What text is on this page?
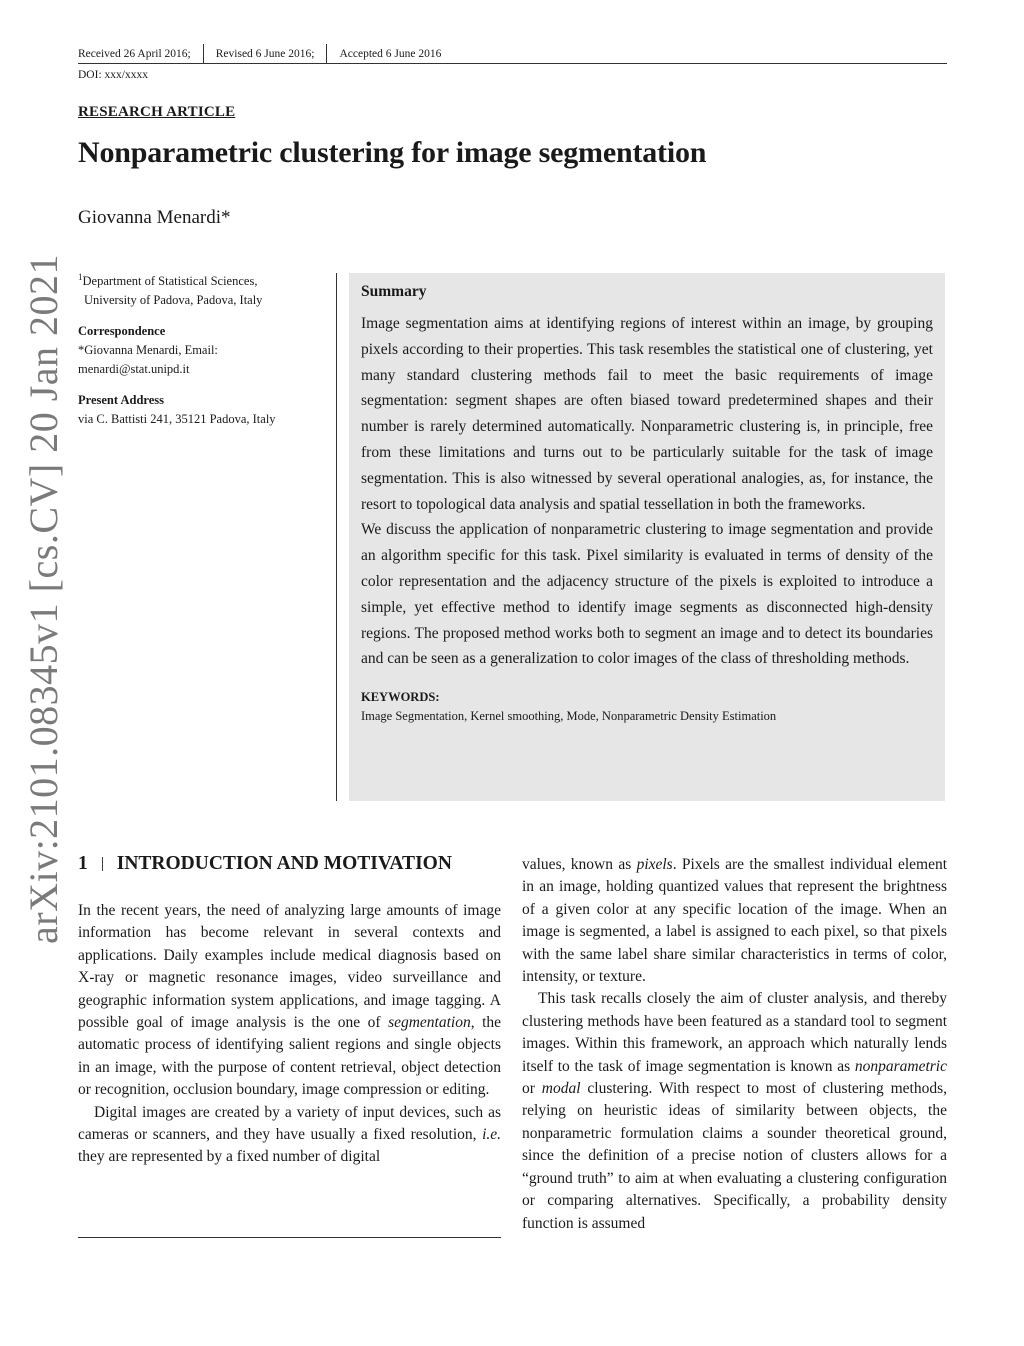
Received 26 April 2016; Revised 6 June 2016; Accepted 6 June 2016
DOI: xxx/xxxx
RESEARCH ARTICLE
Nonparametric clustering for image segmentation
Giovanna Menardi*
$^1$Department of Statistical Sciences,
University of Padova, Padova, Italy
Correspondence
*Giovanna Menardi, Email:
menardi@stat.unipd.it
Present Address
via C. Battisti 241, 35121 Padova, Italy
Summary

Image segmentation aims at identifying regions of interest within an image, by grouping pixels according to their properties. This task resembles the statistical one of clustering, yet many standard clustering methods fail to meet the basic requirements of image segmentation: segment shapes are often biased toward predetermined shapes and their number is rarely determined automatically. Nonparametric clustering is, in principle, free from these limitations and turns out to be particularly suitable for the task of image segmentation. This is also witnessed by several operational analogies, as, for instance, the resort to topological data analysis and spatial tessellation in both the frameworks.

We discuss the application of nonparametric clustering to image segmentation and provide an algorithm specific for this task. Pixel similarity is evaluated in terms of density of the color representation and the adjacency structure of the pixels is exploited to introduce a simple, yet effective method to identify image segments as disconnected high-density regions. The proposed method works both to segment an image and to detect its boundaries and can be seen as a generalization to color images of the class of thresholding methods.

KEYWORDS:
Image Segmentation, Kernel smoothing, Mode, Nonparametric Density Estimation
arXiv:2101.08345v1 [cs.CV] 20 Jan 2021 1 INTRODUCTION AND MOTIVATION

In the recent years, the need of analyzing large amounts of image information has become relevant in several contexts and applications. Daily examples include medical diagnosis based on X-ray or magnetic resonance images, video surveillance and geographic information system applications, and image tagging. A possible goal of image analysis is the one of segmentation, the automatic process of identifying salient regions and single objects in an image, with the purpose of content retrieval, object detection or recognition, occlusion boundary, image compression or editing.

Digital images are created by a variety of input devices, such as cameras or scanners, and they have usually a fixed resolution, i.e. they are represented by a fixed number of digital

values, known as pixels. Pixels are the smallest individual element in an image, holding quantized values that represent the brightness of a given color at any specific location of the image. When an image is segmented, a label is assigned to each pixel, so that pixels with the same label share similar characteristics in terms of color, intensity, or texture.

This task recalls closely the aim of cluster analysis, and thereby clustering methods have been featured as a standard tool to segment images. Within this framework, an approach which naturally lends itself to the task of image segmentation is known as nonparametric or modal clustering. With respect to most of clustering methods, relying on heuristic ideas of similarity between objects, the nonparametric formulation claims a sounder theoretical ground, since the definition of a precise notion of clusters allows for a “ground truth” to aim at when evaluating a clustering configuration or comparing alternatives. Specifically, a probability density function is assumed
